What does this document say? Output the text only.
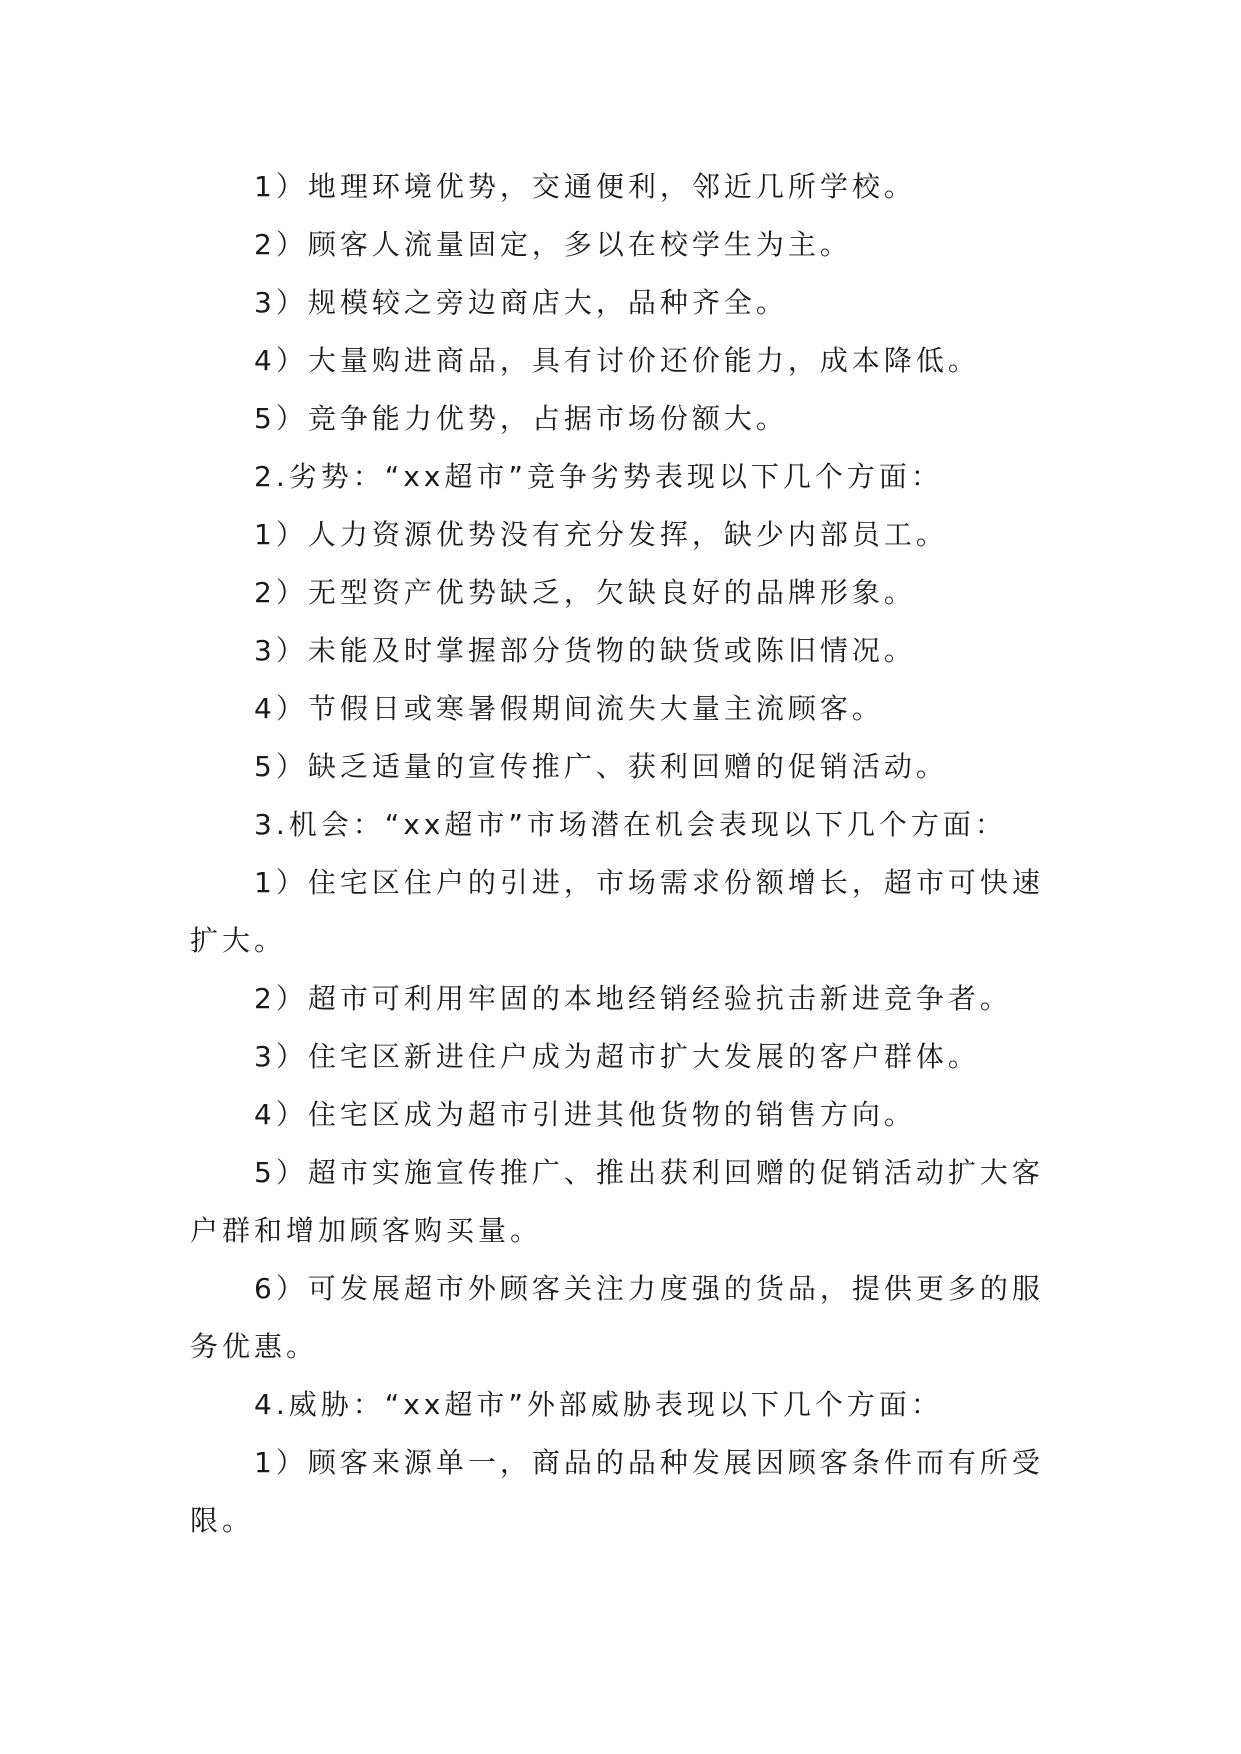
1）地理环境优势，交通便利，邻近几所学校。

2）顾客人流量固定，多以在校学生为主。

3）规模较之旁边商店大，品种齐全。

4）大量购进商品，具有讨价还价能力，成本降低。

5）竞争能力优势，占据市场份额大。

2.劣势：“xx超市”竞争劣势表现以下几个方面：

1）人力资源优势没有充分发挥，缺少内部员工。

2）无型资产优势缺乏，欠缺良好的品牌形象。

3）未能及时掌握部分货物的缺货或陈旧情况。

4）节假日或寒暑假期间流失大量主流顾客。

5）缺乏适量的宣传推广、获利回赠的促销活动。

3.机会：“xx超市”市场潜在机会表现以下几个方面：

1）住宅区住户的引进，市场需求份额增长，超市可快速扩大。

2）超市可利用牢固的本地经销经验抗击新进竞争者。

3）住宅区新进住户成为超市扩大发展的客户群体。

4）住宅区成为超市引进其他货物的销售方向。

5）超市实施宣传推广、推出获利回赠的促销活动扩大客户群和增加顾客购买量。

6）可发展超市外顾客关注力度强的货品，提供更多的服务优惠。

4.威胁：“xx超市”外部威胁表现以下几个方面：

1）顾客来源单一，商品的品种发展因顾客条件而有所受限。
